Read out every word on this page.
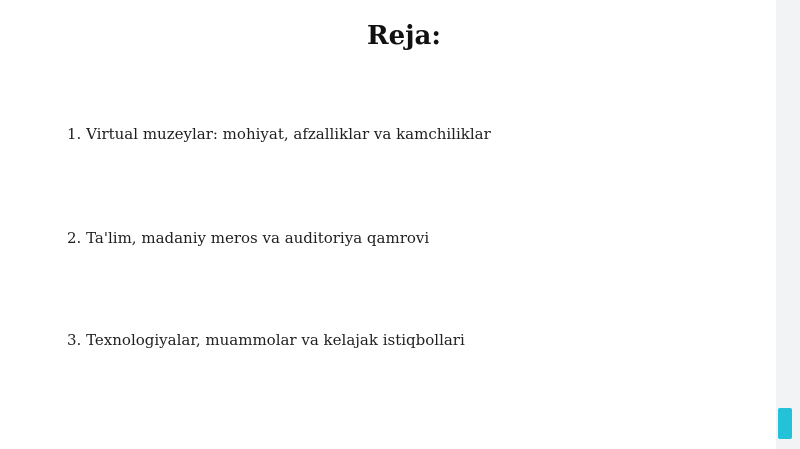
Reja:
1. Virtual muzeylar: mohiyat, afzalliklar va kamchiliklar
2. Ta'lim, madaniy meros va auditoriya qamrovi
3. Texnologiyalar, muammolar va kelajak istiqbollari
